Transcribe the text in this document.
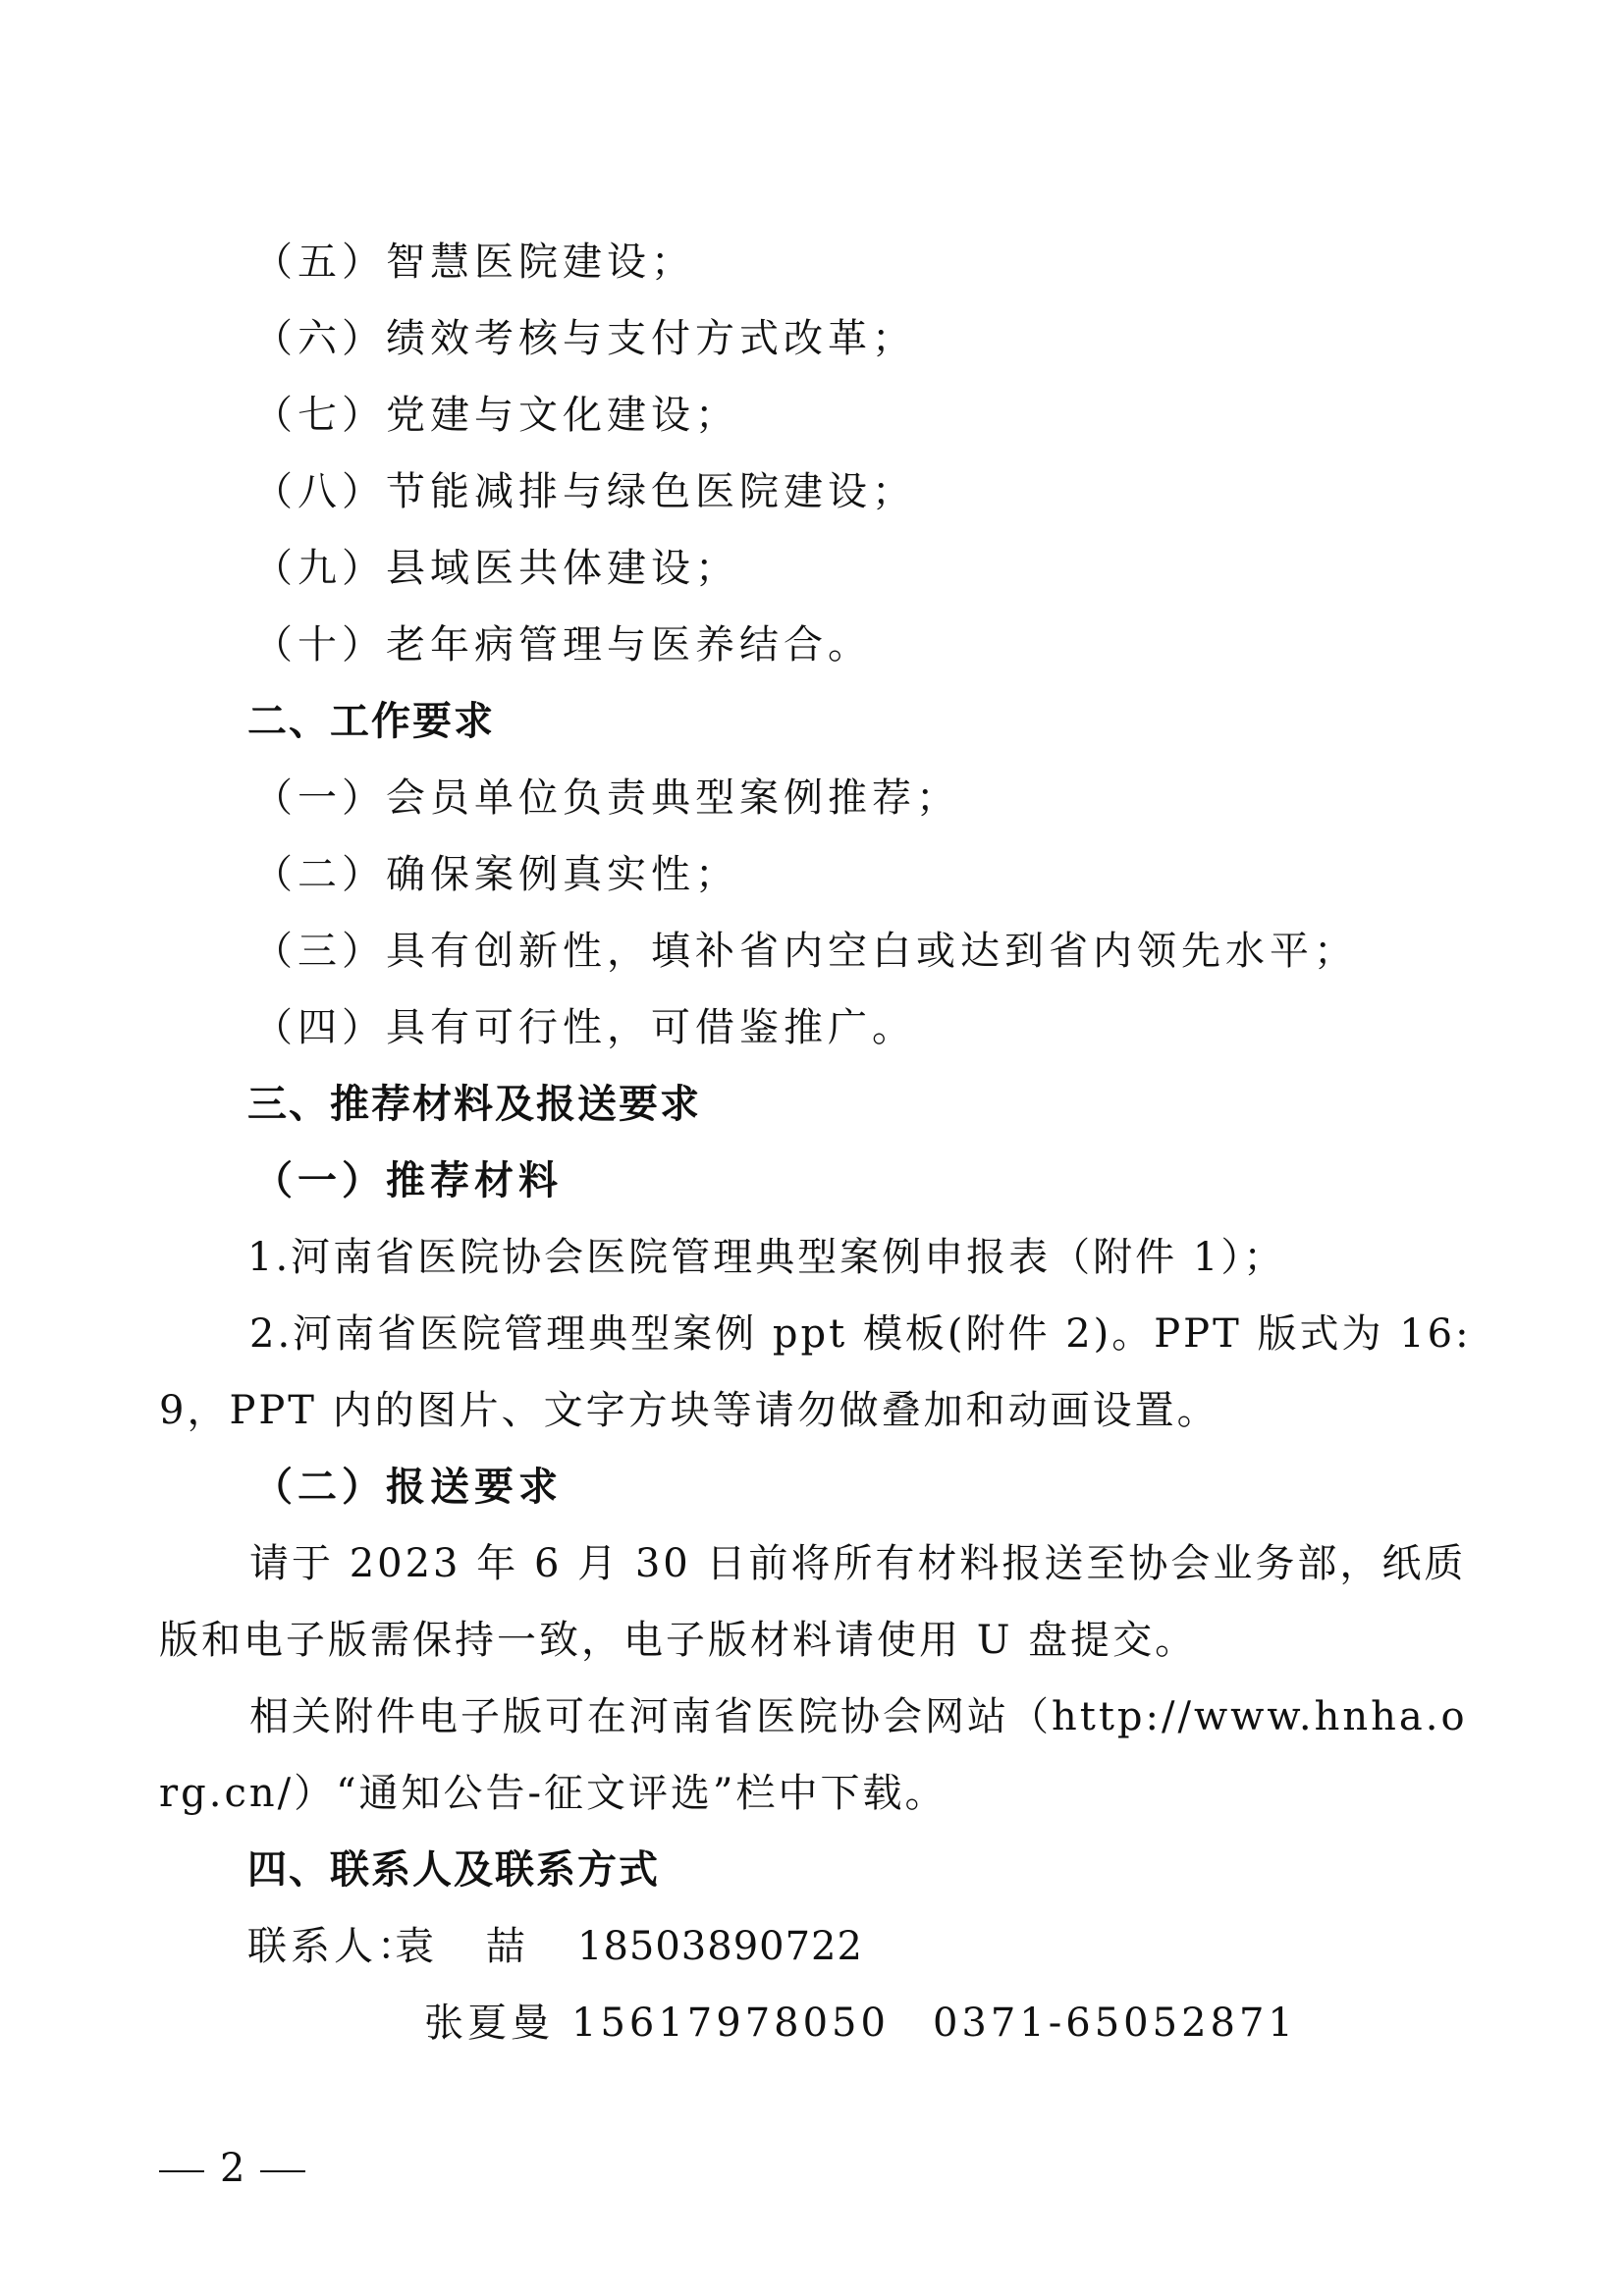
（五）智慧医院建设；
（六）绩效考核与支付方式改革；
（七）党建与文化建设；
（八）节能减排与绿色医院建设；
（九）县域医共体建设；
（十）老年病管理与医养结合。
二、工作要求
（一）会员单位负责典型案例推荐；
（二）确保案例真实性；
（三）具有创新性，填补省内空白或达到省内领先水平；
（四）具有可行性，可借鉴推广。
三、推荐材料及报送要求
（一）推荐材料
1.河南省医院协会医院管理典型案例申报表（附件 1）；
2.河南省医院管理典型案例 ppt 模板(附件 2)。PPT 版式为 16:9，PPT 内的图片、文字方块等请勿做叠加和动画设置。
（二）报送要求
请于 2023 年 6 月 30 日前将所有材料报送至协会业务部，纸质版和电子版需保持一致，电子版材料请使用 U 盘提交。
相关附件电子版可在河南省医院协会网站（http://www.hnha.org.cn/）“通知公告-征文评选”栏中下载。
四、联系人及联系方式
联系人：袁 喆 18503890722
张夏曼 15617978050 0371-65052871
2
